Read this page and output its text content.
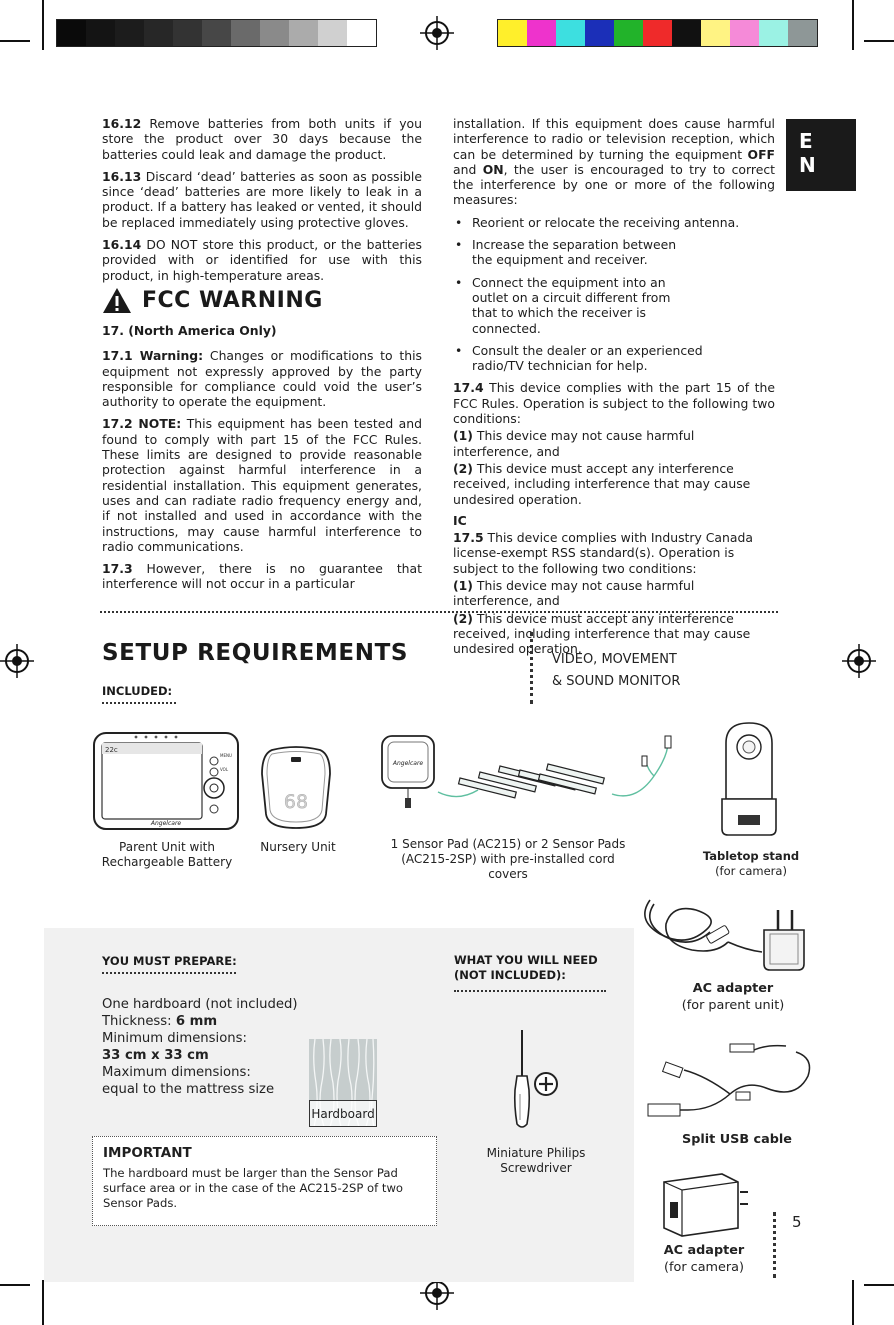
E
N

16.12 Remove batteries from both units if you store the product over 30 days because the batteries could leak and damage the product.

16.13 Discard ‘dead’ batteries as soon as possible since ‘dead’ batteries are more likely to leak in a product. If a battery has leaked or vented, it should be replaced immediately using protective gloves.

16.14 DO NOT store this product, or the batteries provided with or identified for use with this product, in high-temperature areas.

FCC WARNING

17. (North America Only)

17.1 Warning: Changes or modifications to this equipment not expressly approved by the party responsible for compliance could void the user’s authority to operate the equipment.

17.2 NOTE: This equipment has been tested and found to comply with part 15 of the FCC Rules. These limits are designed to provide reasonable protection against harmful interference in a residential installation. This equipment generates, uses and can radiate radio frequency energy and, if not installed and used in accordance with the instructions, may cause harmful interference to radio communications.

17.3 However, there is no guarantee that interference will not occur in a particular

installation. If this equipment does cause harmful interference to radio or television reception, which can be determined by turning the equipment OFF and ON, the user is encouraged to try to correct the interference by one or more of the following measures:

• Reorient or relocate the receiving antenna.
• Increase the separation between the equipment and receiver.
• Connect the equipment into an outlet on a circuit different from that to which the receiver is connected.
• Consult the dealer or an experienced radio/TV technician for help.

17.4 This device complies with the part 15 of the FCC Rules. Operation is subject to the following two conditions:

(1) This device may not cause harmful interference, and

(2) This device must accept any interference received, including interference that may cause undesired operation.

IC

17.5 This device complies with Industry Canada license-exempt RSS standard(s). Operation is subject to the following two conditions:

(1) This device may not cause harmful interference, and

(2) This device must accept any interference received, including interference that may cause undesired operation.

SETUP REQUIREMENTS
INCLUDED:
VIDEO, MOVEMENT
& SOUND MONITOR
22c
MENU
VOL
Angelcare
Parent Unit with
Rechargeable Battery
68
Nursery Unit
Angelcare
1 Sensor Pad (AC215) or 2 Sensor Pads
(AC215-2SP) with pre-installed cord covers
Tabletop stand
(for camera)
YOU MUST PREPARE:
One hardboard (not included)
Thickness: 6 mm
Minimum dimensions:
33 cm x 33 cm
Maximum dimensions:
equal to the mattress size
Hardboard
WHAT YOU WILL NEED
(NOT INCLUDED):
Miniature Philips
Screwdriver
IMPORTANT
The hardboard must be larger than the Sensor Pad surface area or in the case of the AC215-2SP of two Sensor Pads.
AC adapter
(for parent unit)
Split USB cable
AC adapter
(for camera)
5
